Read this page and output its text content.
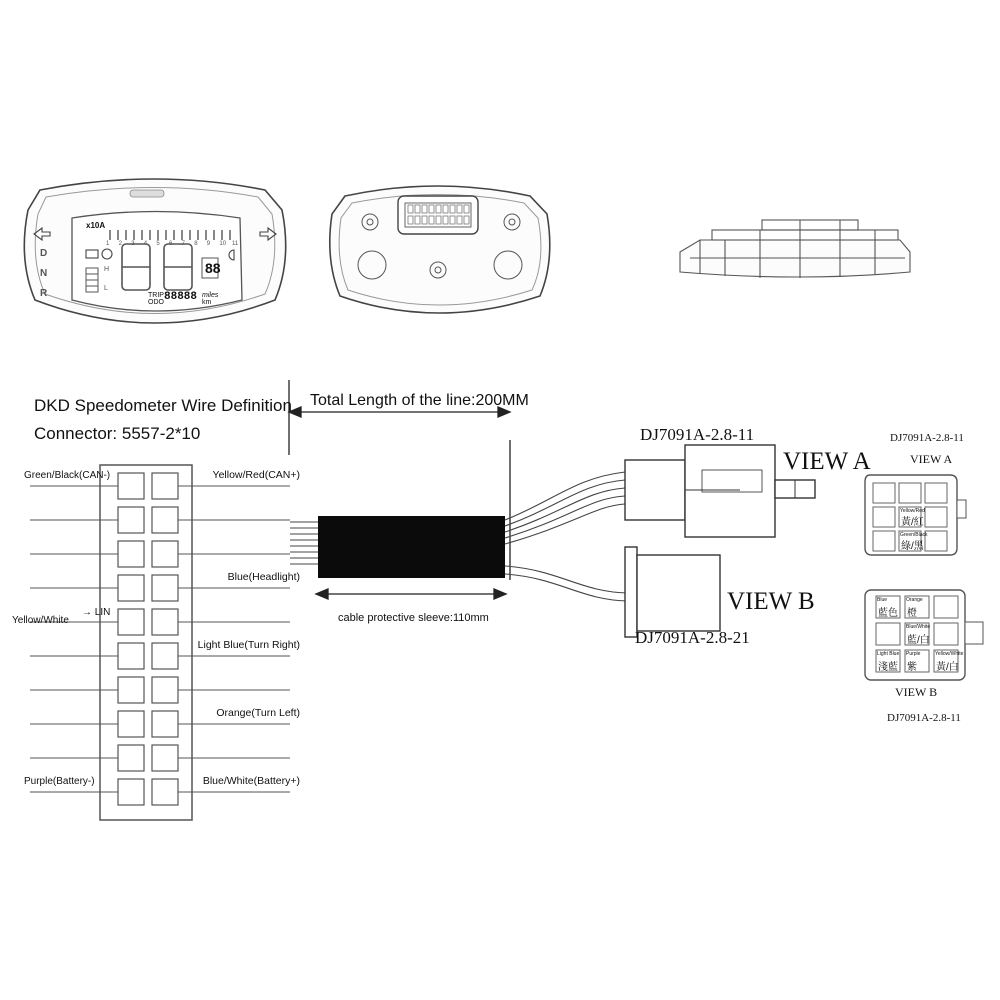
DKD Speedometer Wire Definition
Connector: 5557-2*10
Total Length of the line:200MM
cable protective sleeve:110mm
DJ7091A-2.8-11
VIEW A
VIEW B
DJ7091A-2.8-21
DJ7091A-2.8-11
VIEW A
VIEW B
DJ7091A-2.8-11
→ LIN
x10A
TRIP
ODO 88888 miles
km
88
Green/Black(CAN-)	Yellow/Red(CAN+)
Blue(Headlight)
Yellow/White
Light Blue(Turn Right)
Orange(Turn Left)
Purple(Battery-)	Blue/White(Battery+)
Yellow/Red
黃/紅
Green/Black
綠/黑
Blue
藍色
Orange
橙
Blue/White
藍/白
Light Blue
淺藍
Purple
紫
Yellow/White
黃/白
D
N
R
1 2 3 4 5 6 7 8 9 10 11
H
L
